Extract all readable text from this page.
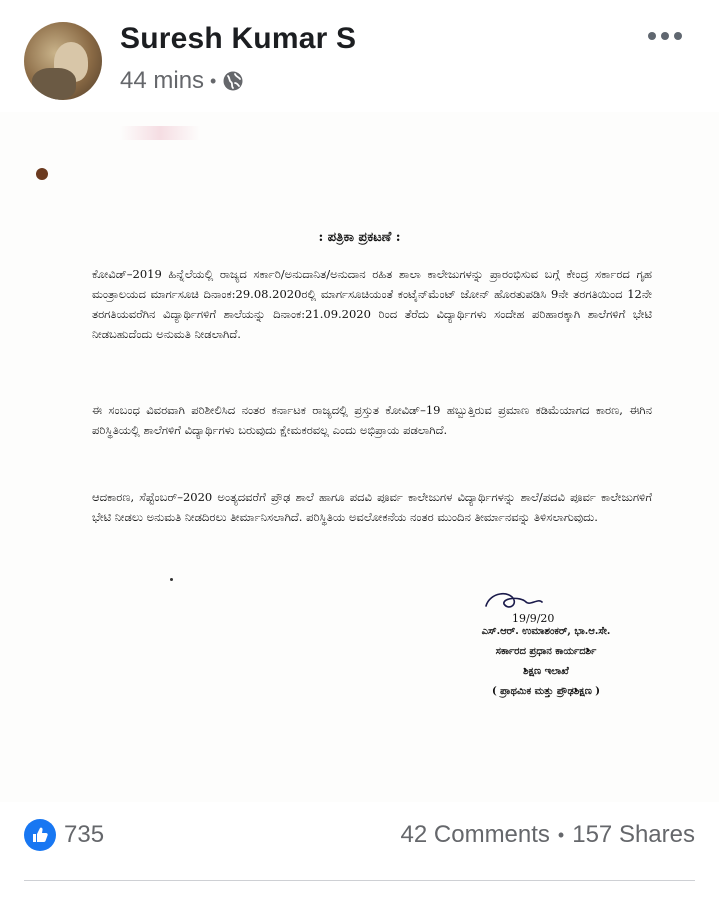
Suresh Kumar S
44 mins •
: ಪತ್ರಿಕಾ ಪ್ರಕಟಣೆ :
ಕೋವಿಡ್–2019 ಹಿನ್ನೆಲೆಯಲ್ಲಿ ರಾಜ್ಯದ ಸರ್ಕಾರಿ/ಅನುದಾನಿತ/ಅನುದಾನ ರಹಿತ ಶಾಲಾ ಕಾಲೇಜುಗಳನ್ನು ಪ್ರಾರಂಭಿಸುವ ಬಗ್ಗೆ ಕೇಂದ್ರ ಸರ್ಕಾರದ ಗೃಹ ಮಂತ್ರಾಲಯದ ಮಾರ್ಗಸೂಚಿ ದಿನಾಂಕ:29.08.2020ರಲ್ಲಿ ಮಾರ್ಗಸೂಚಿಯಂತೆ ಕಂಟೈನ್‌ಮೆಂಟ್ ಜೋನ್ ಹೊರತುಪಡಿಸಿ 9ನೇ ತರಗತಿಯಿಂದ 12ನೇ ತರಗತಿಯವರೆಗಿನ ವಿದ್ಯಾರ್ಥಿಗಳಿಗೆ ಶಾಲೆಯನ್ನು ದಿನಾಂಕ:21.09.2020 ರಿಂದ ತೆರೆದು ವಿದ್ಯಾರ್ಥಿಗಳು ಸಂದೇಹ ಪರಿಹಾರಕ್ಕಾಗಿ ಶಾಲೆಗಳಿಗೆ ಭೇಟಿ ನೀಡಬಹುದೆಂದು ಅನುಮತಿ ನೀಡಲಾಗಿದೆ.
ಈ ಸಂಬಂಧ ವಿವರವಾಗಿ ಪರಿಶೀಲಿಸಿದ ನಂತರ ಕರ್ನಾಟಕ ರಾಜ್ಯದಲ್ಲಿ ಪ್ರಸ್ತುತ ಕೋವಿಡ್–19 ಹಬ್ಬುತ್ತಿರುವ ಪ್ರಮಾಣ ಕಡಿಮೆಯಾಗದ ಕಾರಣ, ಈಗಿನ ಪರಿಸ್ಥಿತಿಯಲ್ಲಿ ಶಾಲೆಗಳಿಗೆ ವಿದ್ಯಾರ್ಥಿಗಳು ಬರುವುದು ಕ್ಷೇಮಕರವಲ್ಲ ಎಂದು ಅಭಿಪ್ರಾಯ ಪಡಲಾಗಿದೆ.
ಆದಕಾರಣ, ಸೆಪ್ಟೆಂಬರ್–2020 ಅಂತ್ಯದವರೆಗೆ ಪ್ರೌಢ ಶಾಲೆ ಹಾಗೂ ಪದವಿ ಪೂರ್ವ ಕಾಲೇಜುಗಳ ವಿದ್ಯಾರ್ಥಿಗಳನ್ನು ಶಾಲೆ/ಪದವಿ ಪೂರ್ವ ಕಾಲೇಜುಗಳಿಗೆ ಭೇಟಿ ನೀಡಲು ಅನುಮತಿ ನೀಡದಿರಲು ತೀರ್ಮಾನಿಸಲಾಗಿದೆ. ಪರಿಸ್ಥಿತಿಯ ಅವಲೋಕನೆಯ ನಂತರ ಮುಂದಿನ ತೀರ್ಮಾನವನ್ನು ತಿಳಿಸಲಾಗುವುದು.
19/9/20
ಎಸ್.ಆರ್. ಉಮಾಶಂಕರ್, ಭಾ.ಆ.ಸೇ.
ಸರ್ಕಾರದ ಪ್ರಧಾನ ಕಾರ್ಯದರ್ಶಿ
ಶಿಕ್ಷಣ ಇಲಾಖೆ
( ಪ್ರಾಥಮಿಕ ಮತ್ತು ಪ್ರೌಢಶಿಕ್ಷಣ )
735	42 Comments • 157 Shares
